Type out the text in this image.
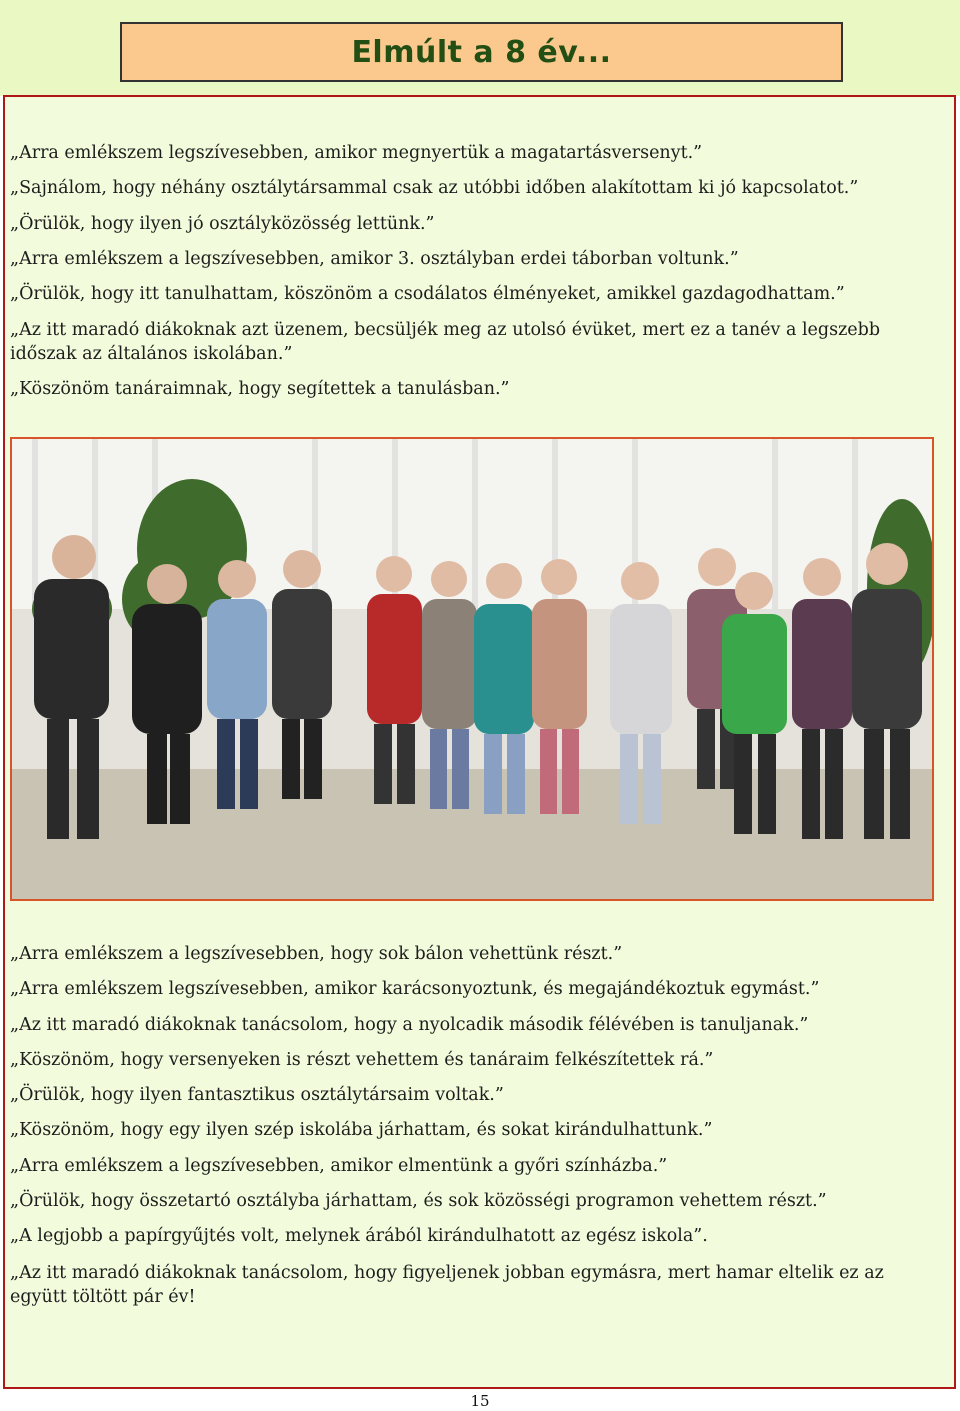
Elmúlt a 8 év...

„Arra emlékszem legszívesebben, amikor megnyertük a magatartásversenyt.”

„Sajnálom, hogy néhány osztálytársammal csak az utóbbi időben alakítottam ki jó kapcsolatot.”

„Örülök, hogy ilyen jó osztályközösség lettünk.”

„Arra emlékszem a legszívesebben, amikor 3. osztályban erdei táborban voltunk.”

„Örülök, hogy itt tanulhattam, köszönöm a csodálatos élményeket, amikkel gazdagodhattam.”

„Az itt maradó diákoknak azt üzenem, becsüljék meg az utolsó évüket, mert ez a tanév a legszebb időszak az általános iskolában.”

„Köszönöm tanáraimnak, hogy segítettek a tanulásban.”

„Arra emlékszem a legszívesebben, hogy sok bálon vehettünk részt.”

„Arra emlékszem legszívesebben, amikor karácsonyoztunk, és megajándékoztuk egymást.”

„Az itt maradó diákoknak tanácsolom, hogy a nyolcadik második félévében is tanuljanak.”

„Köszönöm, hogy versenyeken is részt vehettem és tanáraim felkészítettek rá.”

„Örülök, hogy ilyen fantasztikus osztálytársaim voltak.”

„Köszönöm, hogy egy ilyen szép iskolába járhattam, és sokat kirándulhattunk.”

„Arra emlékszem a legszívesebben, amikor elmentünk a győri színházba.”

„Örülök, hogy összetartó osztályba járhattam, és sok közösségi programon vehettem részt.”

„A legjobb a papírgyűjtés volt, melynek árából kirándulhatott az egész iskola”.

„Az itt maradó diákoknak tanácsolom, hogy figyeljenek jobban egymásra, mert hamar eltelik ez az együtt töltött pár év!

15
